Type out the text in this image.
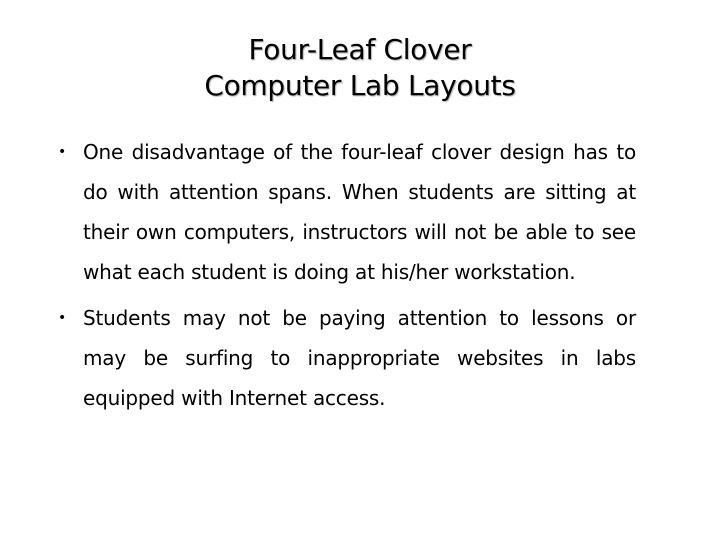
Four-Leaf Clover
Computer Lab Layouts
• One disadvantage of the four-leaf clover design has to do with attention spans. When students are sitting at their own computers, instructors will not be able to see what each student is doing at his/her workstation.
• Students may not be paying attention to lessons or may be surfing to inappropriate websites in labs equipped with Internet access.
